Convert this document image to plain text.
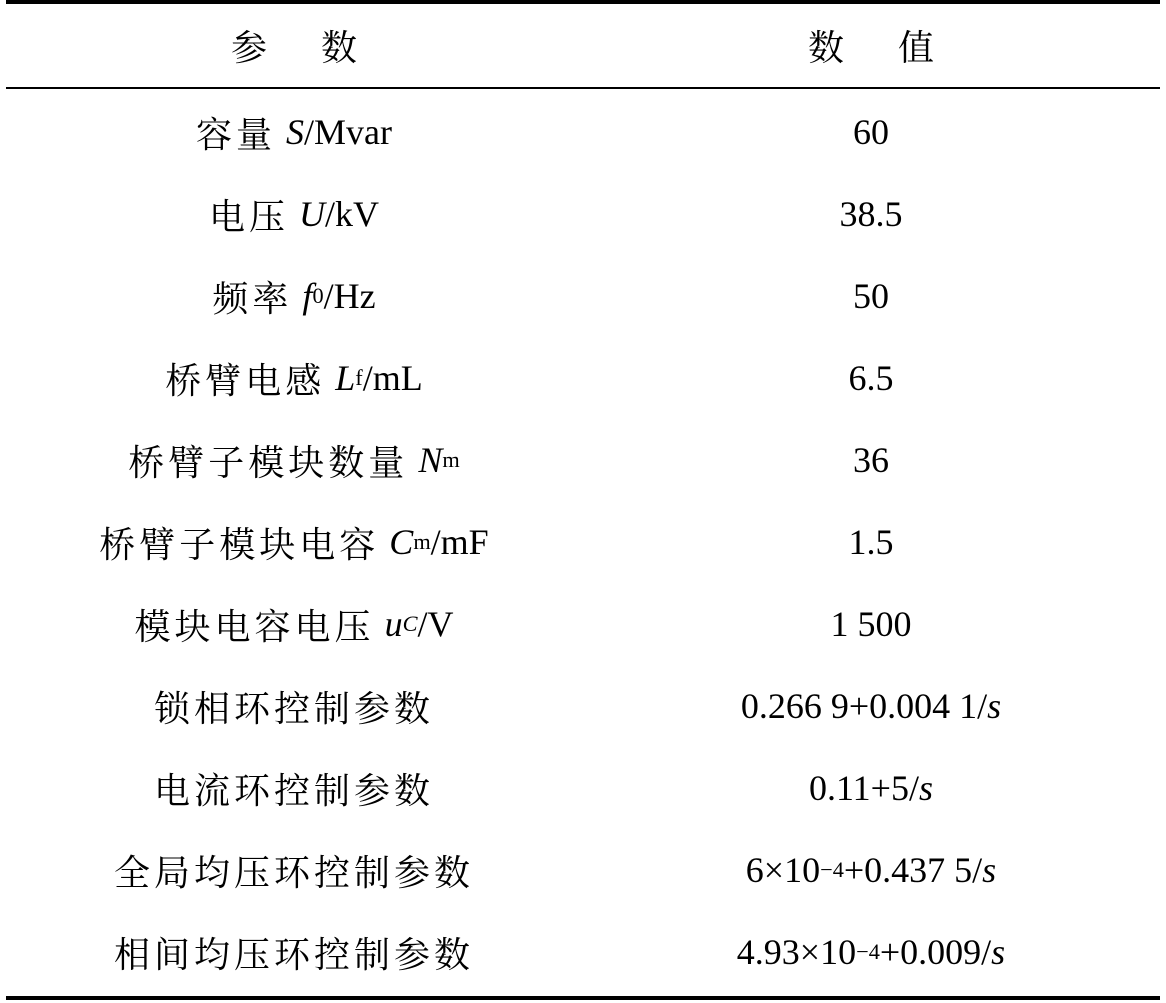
参 数	数 值
容量 S /Mvar	60
电压 U /kV	38.5
频率 f 0 /Hz	50
桥臂电感 L f /mL	6.5
桥臂子模块数量 N m	36
桥臂子模块电容 C m /mF	1.5
模块电容电压 u C /V	1 500
锁相环控制参数	0.266 9+0.004 1/ s
电流环控制参数	0.11+5/ s
全局均压环控制参数	6×10 −4 +0.437 5/ s
相间均压环控制参数	4.93×10 −4 +0.009/ s
